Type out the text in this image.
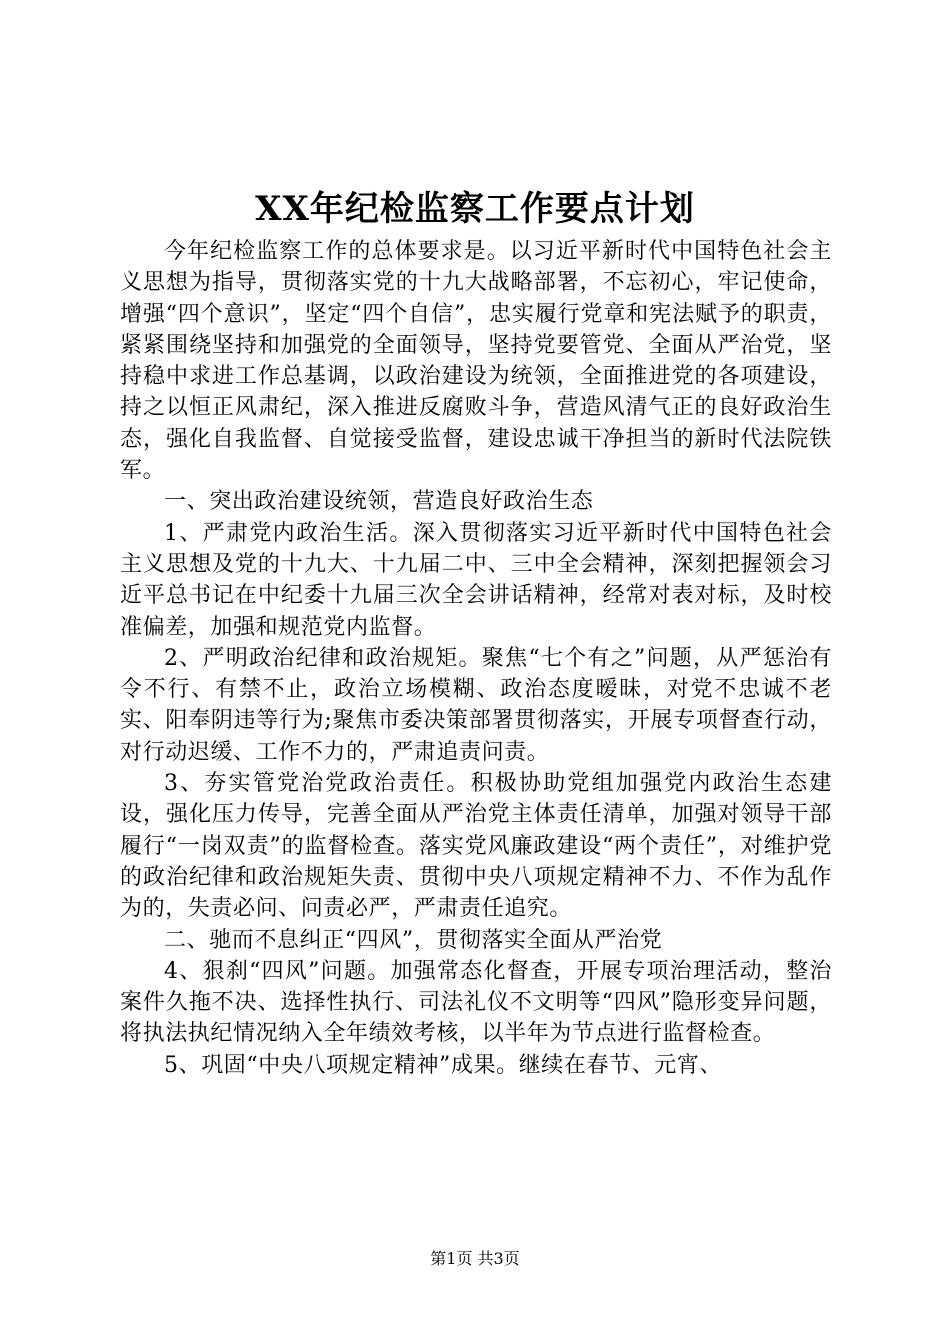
XX年纪检监察工作要点计划

今年纪检监察工作的总体要求是。以习近平新时代中国特色社会主义思想为指导，贯彻落实党的十九大战略部署，不忘初心，牢记使命，增强“四个意识”，坚定“四个自信”，忠实履行党章和宪法赋予的职责，紧紧围绕坚持和加强党的全面领导，坚持党要管党、全面从严治党，坚持稳中求进工作总基调，以政治建设为统领，全面推进党的各项建设，持之以恒正风肃纪，深入推进反腐败斗争，营造风清气正的良好政治生态，强化自我监督、自觉接受监督，建设忠诚干净担当的新时代法院铁军。

一、突出政治建设统领，营造良好政治生态

1、严肃党内政治生活。深入贯彻落实习近平新时代中国特色社会主义思想及党的十九大、十九届二中、三中全会精神，深刻把握领会习近平总书记在中纪委十九届三次全会讲话精神，经常对表对标，及时校准偏差，加强和规范党内监督。

2、严明政治纪律和政治规矩。聚焦“七个有之”问题，从严惩治有令不行、有禁不止，政治立场模糊、政治态度暧昧，对党不忠诚不老实、阳奉阴违等行为;聚焦市委决策部署贯彻落实，开展专项督查行动，对行动迟缓、工作不力的，严肃追责问责。

3、夯实管党治党政治责任。积极协助党组加强党内政治生态建设，强化压力传导，完善全面从严治党主体责任清单，加强对领导干部履行“一岗双责”的监督检查。落实党风廉政建设“两个责任”，对维护党的政治纪律和政治规矩失责、贯彻中央八项规定精神不力、不作为乱作为的，失责必问、问责必严，严肃责任追究。

二、驰而不息纠正“四风”，贯彻落实全面从严治党

4、狠刹“四风”问题。加强常态化督查，开展专项治理活动，整治案件久拖不决、选择性执行、司法礼仪不文明等“四风”隐形变异问题，将执法执纪情况纳入全年绩效考核，以半年为节点进行监督检查。

5、巩固“中央八项规定精神”成果。继续在春节、元宵、

第1页 共3页
